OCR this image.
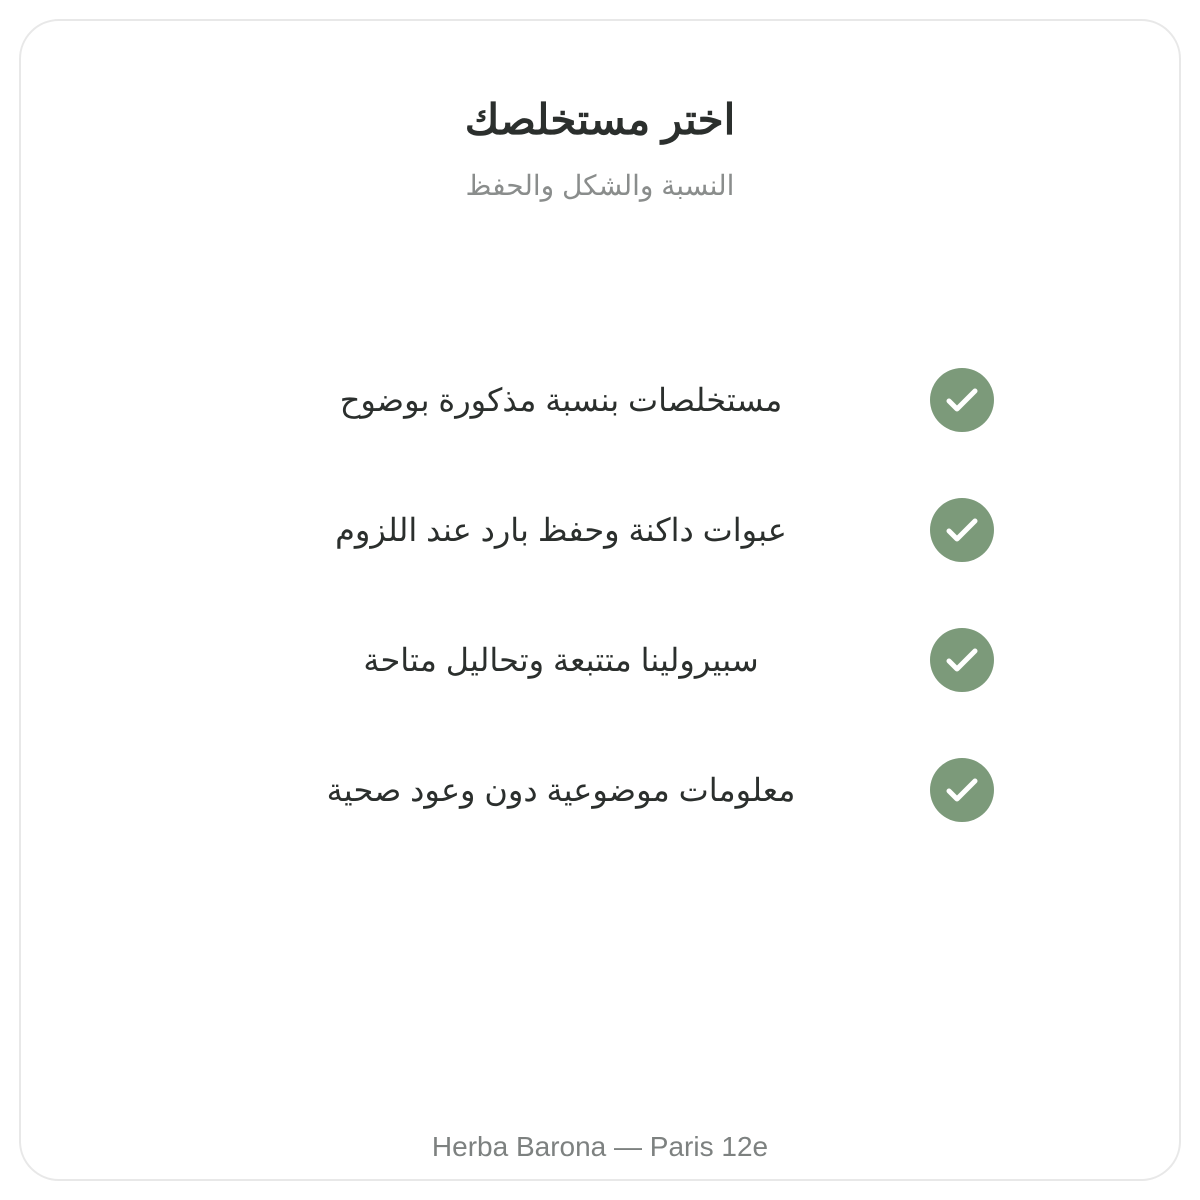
اختر مستخلصك
النسبة والشكل والحفظ
مستخلصات بنسبة مذكورة بوضوح
عبوات داكنة وحفظ بارد عند اللزوم
سبيرولينا متتبعة وتحاليل متاحة
معلومات موضوعية دون وعود صحية
Herba Barona — Paris 12e
